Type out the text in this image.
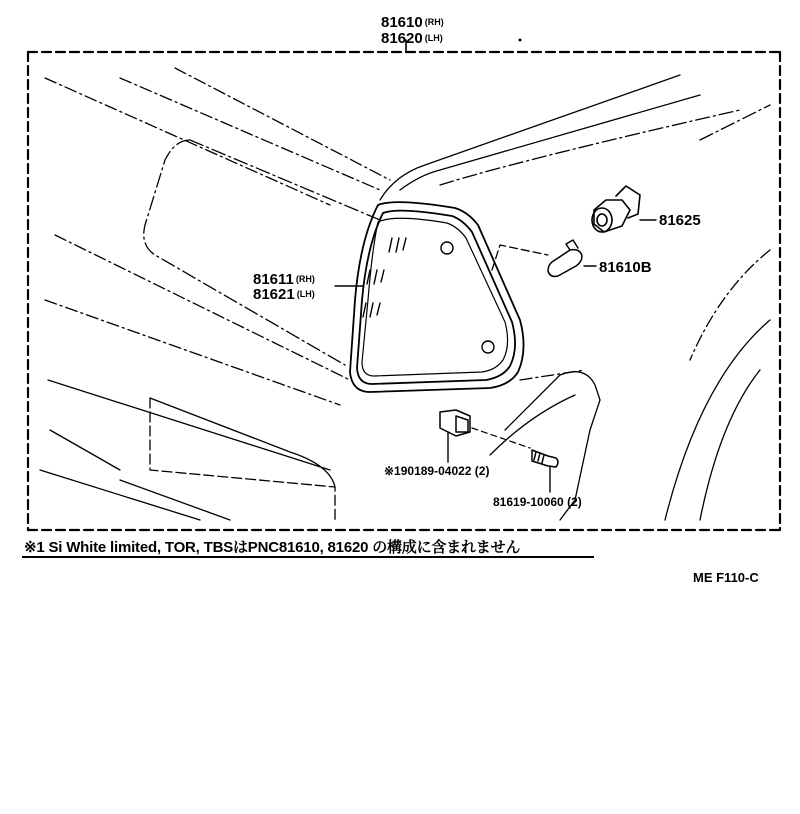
81610 (RH)
81620 (LH)
81611 (RH)
81621 (LH)
81625
81610B
※190189-04022 (2)
81619-10060 (2)
※1 Si White limited, TOR, TBSはPNC81610, 81620 の構成に含まれません
ME F110-C
